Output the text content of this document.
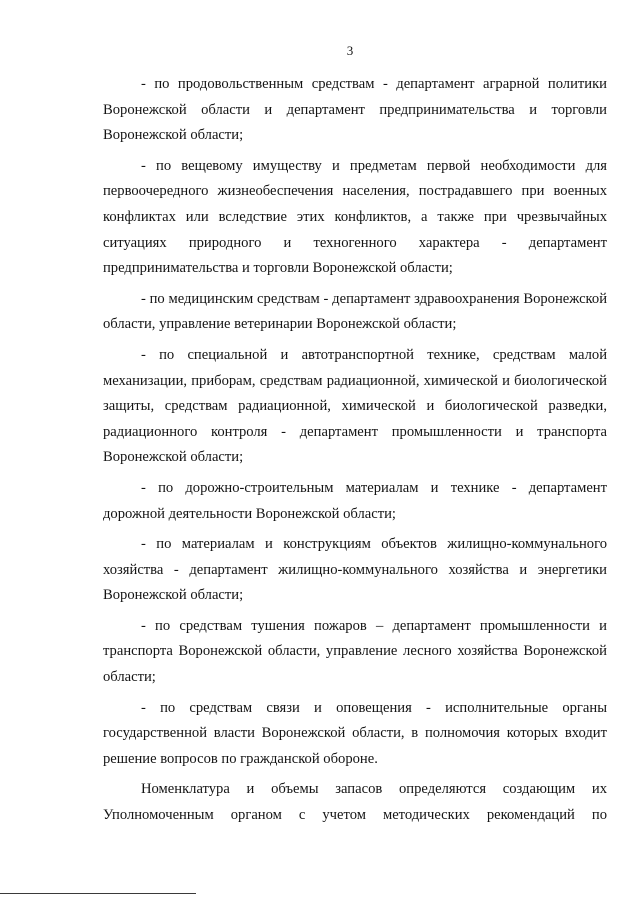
3

- по продовольственным средствам - департамент аграрной политики Воронежской области и департамент предпринимательства и торговли Воронежской области;

- по вещевому имуществу и предметам первой необходимости для первоочередного жизнеобеспечения населения, пострадавшего при военных конфликтах или вследствие этих конфликтов, а также при чрезвычайных ситуациях природного и техногенного характера - департамент предпринимательства и торговли Воронежской области;

- по медицинским средствам - департамент здравоохранения Воронежской области, управление ветеринарии Воронежской области;

- по специальной и автотранспортной технике, средствам малой механизации, приборам, средствам радиационной, химической и биологической защиты, средствам радиационной, химической и биологической разведки, радиационного контроля - департамент промышленности и транспорта Воронежской области;

- по дорожно-строительным материалам и технике - департамент дорожной деятельности Воронежской области;

- по материалам и конструкциям объектов жилищно-коммунального хозяйства - департамент жилищно-коммунального хозяйства и энергетики Воронежской области;

- по средствам тушения пожаров – департамент промышленности и транспорта Воронежской области, управление лесного хозяйства Воронежской области;

- по средствам связи и оповещения - исполнительные органы государственной власти Воронежской области, в полномочия которых входит решение вопросов по гражданской обороне.

Номенклатура и объемы запасов определяются создающим их Уполномоченным органом с учетом методических рекомендаций по
